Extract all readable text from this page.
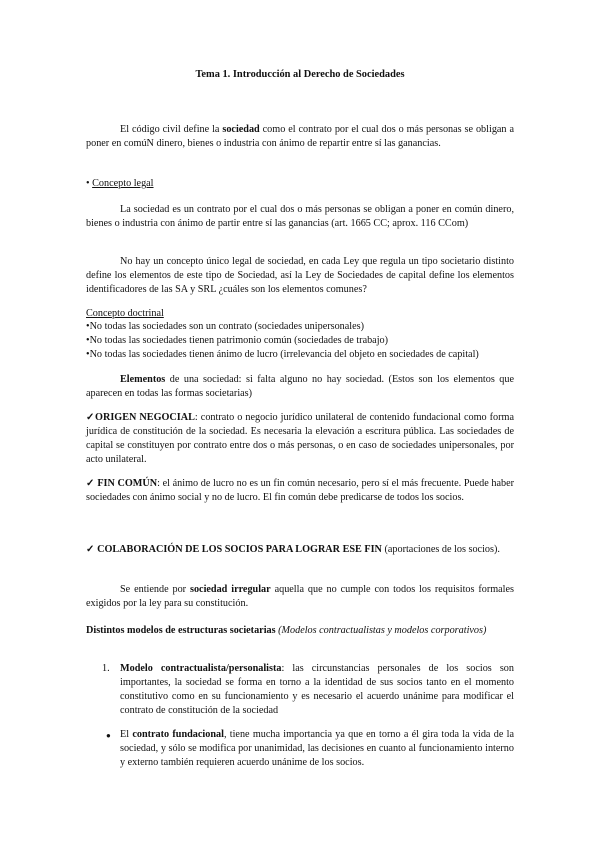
Tema 1. Introducción al Derecho de Sociedades

El código civil define la sociedad como el contrato por el cual dos o más personas se obligan a poner en comúN dinero, bienes o industria con ánimo de repartir entre sí las ganancias.

• Concepto legal

La sociedad es un contrato por el cual dos o más personas se obligan a poner en común dinero, bienes o industria con ánimo de partir entre sí las ganancias (art. 1665 CC; aprox. 116 CCom)

No hay un concepto único legal de sociedad, en cada Ley que regula un tipo societario distinto define los elementos de este tipo de Sociedad, así la Ley de Sociedades de capital define los elementos identificadores de las SA y SRL ¿cuáles son los elementos comunes?

Concepto doctrinal

•No todas las sociedades son un contrato (sociedades unipersonales)

•No todas las sociedades tienen patrimonio común (sociedades de trabajo)

•No todas las sociedades tienen ánimo de lucro (irrelevancia del objeto en sociedades de capital)

Elementos de una sociedad: si falta alguno no hay sociedad. (Estos son los elementos que aparecen en todas las formas societarias)

✓ORIGEN NEGOCIAL: contrato o negocio jurídico unilateral de contenido fundacional como forma jurídica de constitución de la sociedad. Es necesaria la elevación a escritura pública. Las sociedades de capital se constituyen por contrato entre dos o más personas, o en caso de sociedades unipersonales, por acto unilateral.

✓ FIN COMÚN: el ánimo de lucro no es un fin común necesario, pero sí el más frecuente. Puede haber sociedades con ánimo social y no de lucro. El fin común debe predicarse de todos los socios.

✓ COLABORACIÓN DE LOS SOCIOS PARA LOGRAR ESE FIN (aportaciones de los socios).

Se entiende por sociedad irregular aquella que no cumple con todos los requisitos formales exigidos por la ley para su constitución.

Distintos modelos de estructuras societarias (Modelos contractualistas y modelos corporativos)

1. Modelo contractualista/personalista: las circunstancias personales de los socios son importantes, la sociedad se forma en torno a la identidad de sus socios tanto en el momento constitutivo como en su funcionamiento y es necesario el acuerdo unánime para modificar el contrato de constitución de la sociedad

● El contrato fundacional, tiene mucha importancia ya que en torno a él gira toda la vida de la sociedad, y sólo se modifica por unanimidad, las decisiones en cuanto al funcionamiento interno y externo también requieren acuerdo unánime de los socios.
